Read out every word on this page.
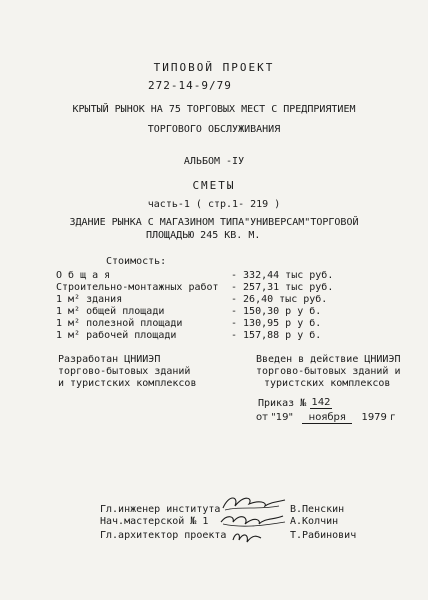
ТИПОВОЙ ПРОЕКТ
272-14-9/79
КРЫТЫЙ РЫНОК НА 75 ТОРГОВЫХ МЕСТ С ПРЕДПРИЯТИЕМ
ТОРГОВОГО ОБСЛУЖИВАНИЯ
АЛЬБОМ -IУ
СМЕТЫ
часть-1 ( стр.1- 219 )
ЗДАНИЕ РЫНКА С МАГАЗИНОМ ТИПА"УНИВЕРСАМ"ТОРГОВОЙ
ПЛОЩАДЬЮ 245 КВ. М.
Стоимость:
О б щ а я	- 332,44 тыс руб.
Строительно-монтажных работ - 257,31 тыс руб.
1 м² здания	- 26,40 тыс руб.
1 м² общей площади	- 150,30 р у б.
1 м² полезной площади	- 130,95 р у б.
1 м² рабочей площади	- 157,88 р у б.
Разработан ЦНИИЭП
торгово-бытовых зданий
и туристских комплексов
Введен в действие ЦНИИЭП
торгово-бытовых зданий и
туристских комплексов
Приказ № 142
от "19" ноября 1979 г
Гл.инженер института	В.Пенскин
Нач.мастерской № 1	А.Колчин
Гл.архитектор проекта	Т.Рабинович
